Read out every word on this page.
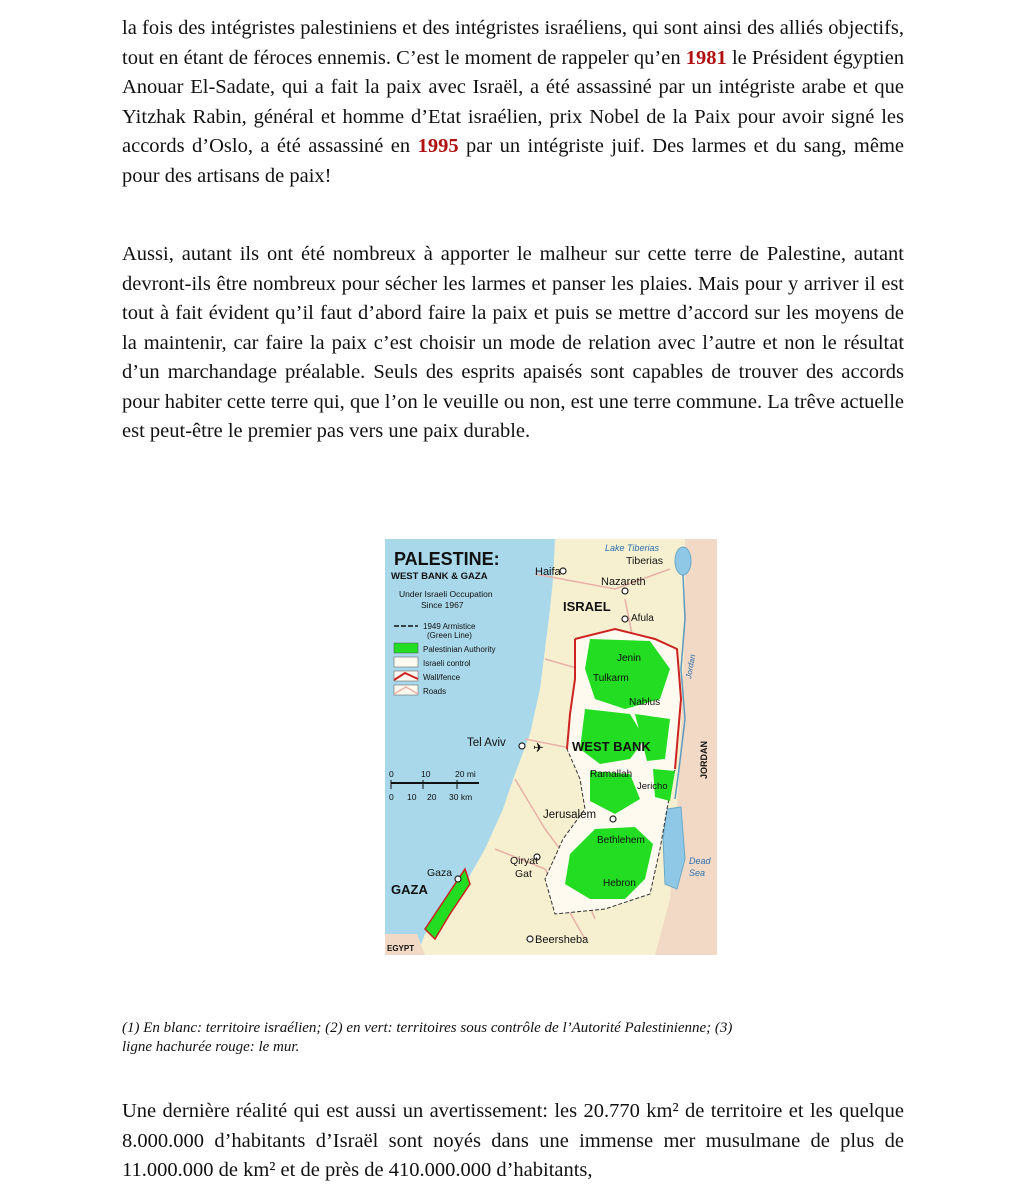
la fois des intégristes palestiniens et des intégristes israéliens, qui sont ainsi des alliés objectifs, tout en étant de féroces ennemis. C’est le moment de rappeler qu’en 1981 le Président égyptien Anouar El-Sadate, qui a fait la paix avec Israël, a été assassiné par un intégriste arabe et que Yitzhak Rabin, général et homme d’Etat israélien, prix Nobel de la Paix pour avoir signé les accords d’Oslo, a été assassiné en 1995 par un intégriste juif. Des larmes et du sang, même pour des artisans de paix!

Aussi, autant ils ont été nombreux à apporter le malheur sur cette terre de Palestine, autant devront-ils être nombreux pour sécher les larmes et panser les plaies. Mais pour y arriver il est tout à fait évident qu’il faut d’abord faire la paix et puis se mettre d’accord sur les moyens de la maintenir, car faire la paix c’est choisir un mode de relation avec l’autre et non le résultat d’un marchandage préalable. Seuls des esprits apaisés sont capables de trouver des accords pour habiter cette terre qui, que l’on le veuille ou non, est une terre commune. La trêve actuelle est peut-être le premier pas vers une paix durable.

✈
PALESTINE:
WEST BANK & GAZA
Under Israeli Occupation
Since 1967
1949 Armistice
(Green Line)
Palestinian Authority
Israeli control
Wall/fence
Roads
0	10	20 mi
0 10 20 30 km
Lake Tiberias
Tiberias
Haifa
Nazareth
ISRAEL
Afula
Jenin
Tulkarm
Nablus
Jordan
JORDAN
Tel Aviv	WEST BANK
Ramallah
Jericho
Jerusalem
Bethlehem
Qiryat
Gat
Dead
Sea
Gaza
GAZA	Hebron
Beersheba
EGYPT

(1) En blanc: territoire israélien; (2) en vert: territoires sous contrôle de l’Autorité Palestinienne; (3)
ligne hachurée rouge: le mur.

Une dernière réalité qui est aussi un avertissement: les 20.770 km² de territoire et les quelque 8.000.000 d’habitants d’Israël sont noyés dans une immense mer musulmane de plus de 11.000.000 de km² et de près de 410.000.000 d’habitants,
